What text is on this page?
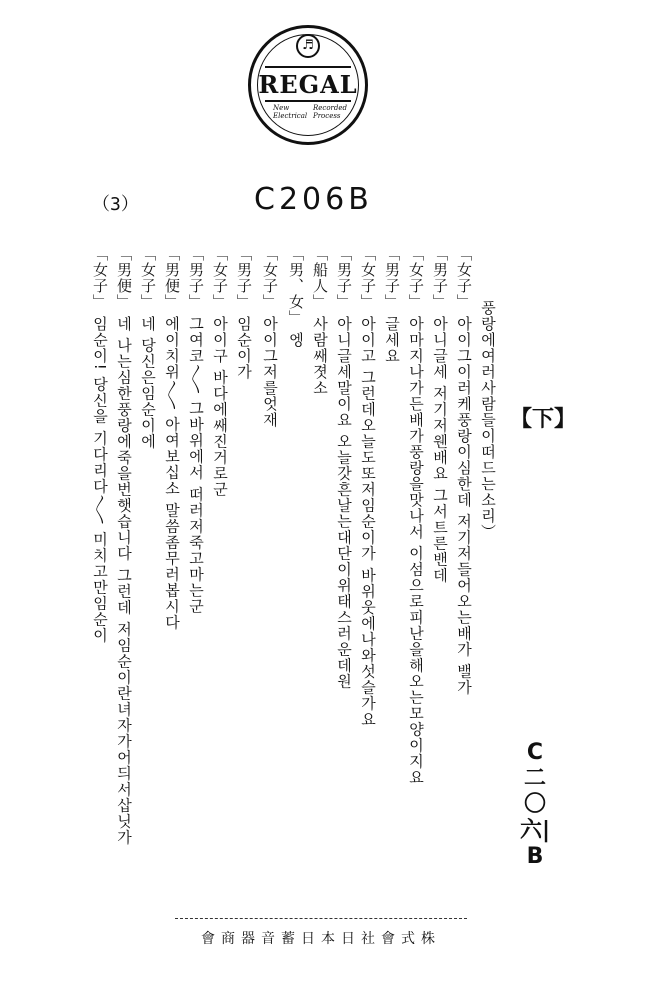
♬
REGAL
New Electrical
Recorded Process
（3）	C206B
【下】
C二〇六|B
풍랑에여러사람들이떠드는소리）
「女子」 아이그이러케풍랑이심한데 저기저들어오는배가 밸가
「男子」 아니글세 저기저웬배요 그서트른밴데
「女子」 아마지나가든배가풍랑을맛나서 이섬으로피난을해오는모양이지요
「男子」 글세요
「女子」 아이고 그런데오늘도또저임순이가 바위웃에나와섯슬가요
「男子」 아니글세말이요 오늘갓흔날는대단이위태스러운데원
「船人」 사람쌔졋소
「男、女」 엥
「女子」 아이그저를엇재
「男子」 임순이가
「女子」 아이구 바다에쌔진거로군
「男子」 그여코〳〵 그바위에서 떠러저죽고마는군
「男便」 에이치위〳〵 아여보십소 말씀좀무러봅시다
「女子」 네 당신은임순이에
「男便」 네 나는심한풍랑에죽을번햇습니다 그런데 저임순이란녀자가어듸서삽닛가
「女子」 임순이! 당신을 기다리다〳〵 미치고만임순이
會商器音蓄日本日社會式株
